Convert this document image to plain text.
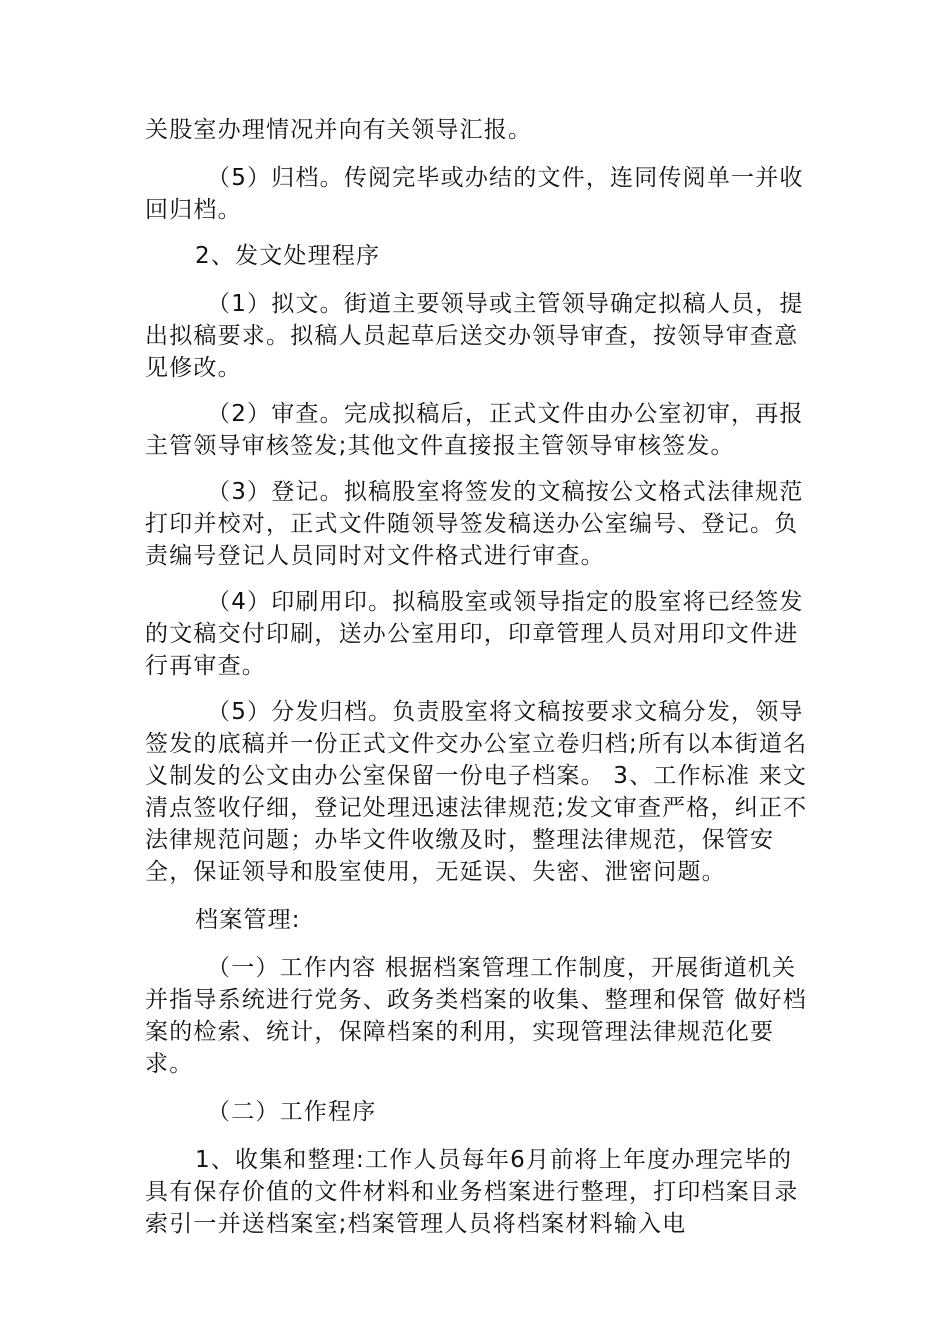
关股室办理情况并向有关领导汇报。

（5）归档。传阅完毕或办结的文件，连同传阅单一并收回归档。

2、发文处理程序

（1）拟文。街道主要领导或主管领导确定拟稿人员，提出拟稿要求。拟稿人员起草后送交办领导审查，按领导审查意见修改。

（2）审查。完成拟稿后，正式文件由办公室初审，再报主管领导审核签发;其他文件直接报主管领导审核签发。

（3）登记。拟稿股室将签发的文稿按公文格式法律规范打印并校对，正式文件随领导签发稿送办公室编号、登记。负责编号登记人员同时对文件格式进行审查。

（4）印刷用印。拟稿股室或领导指定的股室将已经签发的文稿交付印刷，送办公室用印，印章管理人员对用印文件进行再审查。

（5）分发归档。负责股室将文稿按要求文稿分发，领导签发的底稿并一份正式文件交办公室立卷归档;所有以本街道名义制发的公文由办公室保留一份电子档案。 3、工作标准 来文清点签收仔细，登记处理迅速法律规范;发文审查严格，纠正不法律规范问题；办毕文件收缴及时，整理法律规范，保管安全，保证领导和股室使用，无延误、失密、泄密问题。

档案管理:

（一）工作内容 根据档案管理工作制度，开展街道机关并指导系统进行党务、政务类档案的收集、整理和保管 做好档案的检索、统计，保障档案的利用，实现管理法律规范化要求。

（二）工作程序

1、收集和整理:工作人员每年6月前将上年度办理完毕的具有保存价值的文件材料和业务档案进行整理，打印档案目录索引一并送档案室;档案管理人员将档案材料输入电
